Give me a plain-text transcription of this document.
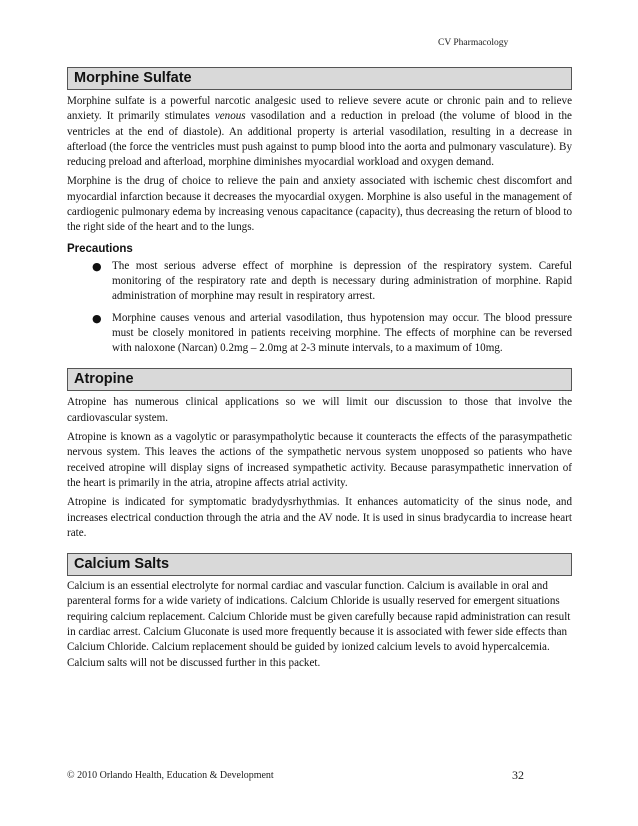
CV Pharmacology
Morphine Sulfate

Morphine sulfate is a powerful narcotic analgesic used to relieve severe acute or chronic pain and to relieve anxiety. It primarily stimulates venous vasodilation and a reduction in preload (the volume of blood in the ventricles at the end of diastole). An additional property is arterial vasodilation, resulting in a decrease in afterload (the force the ventricles must push against to pump blood into the aorta and pulmonary vasculature). By reducing preload and afterload, morphine diminishes myocardial workload and oxygen demand.

Morphine is the drug of choice to relieve the pain and anxiety associated with ischemic chest discomfort and myocardial infarction because it decreases the myocardial oxygen. Morphine is also useful in the management of cardiogenic pulmonary edema by increasing venous capacitance (capacity), thus decreasing the return of blood to the right side of the heart and to the lungs.

Precautions
● The most serious adverse effect of morphine is depression of the respiratory system. Careful monitoring of the respiratory rate and depth is necessary during administration of morphine. Rapid administration of morphine may result in respiratory arrest.
● Morphine causes venous and arterial vasodilation, thus hypotension may occur. The blood pressure must be closely monitored in patients receiving morphine. The effects of morphine can be reversed with naloxone (Narcan) 0.2mg – 2.0mg at 2-3 minute intervals, to a maximum of 10mg.
Atropine

Atropine has numerous clinical applications so we will limit our discussion to those that involve the cardiovascular system.

Atropine is known as a vagolytic or parasympatholytic because it counteracts the effects of the parasympathetic nervous system. This leaves the actions of the sympathetic nervous system unopposed so patients who have received atropine will display signs of increased sympathetic activity. Because parasympathetic innervation of the heart is primarily in the atria, atropine affects atrial activity.

Atropine is indicated for symptomatic bradydysrhythmias. It enhances automaticity of the sinus node, and increases electrical conduction through the atria and the AV node. It is used in sinus bradycardia to increase heart rate.

Calcium Salts

Calcium is an essential electrolyte for normal cardiac and vascular function. Calcium is available in oral and parenteral forms for a wide variety of indications. Calcium Chloride is usually reserved for emergent situations requiring calcium replacement. Calcium Chloride must be given carefully because rapid administration can result in cardiac arrest. Calcium Gluconate is used more frequently because it is associated with fewer side effects than Calcium Chloride. Calcium replacement should be guided by ionized calcium levels to avoid hypercalcemia. Calcium salts will not be discussed further in this packet.

© 2010 Orlando Health, Education & Development	32
